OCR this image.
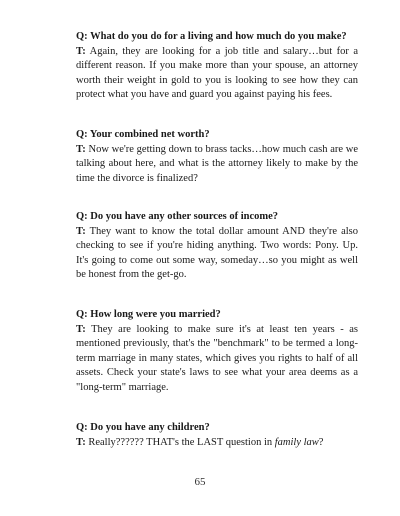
Q: What do you do for a living and how much do you make?

T: Again, they are looking for a job title and salary…but for a different reason. If you make more than your spouse, an attorney worth their weight in gold to you is looking to see how they can protect what you have and guard you against paying his fees.

Q: Your combined net worth?

T: Now we're getting down to brass tacks…how much cash are we talking about here, and what is the attorney likely to make by the time the divorce is finalized?

Q: Do you have any other sources of income?

T: They want to know the total dollar amount AND they're also checking to see if you're hiding anything. Two words: Pony. Up. It's going to come out some way, someday…so you might as well be honest from the get-go.

Q: How long were you married?

T: They are looking to make sure it's at least ten years - as mentioned previously, that's the "benchmark" to be termed a long-term marriage in many states, which gives you rights to half of all assets. Check your state's laws to see what your area deems as a "long-term" marriage.

Q: Do you have any children?

T: Really?????? THAT's the LAST question in family law?

65
